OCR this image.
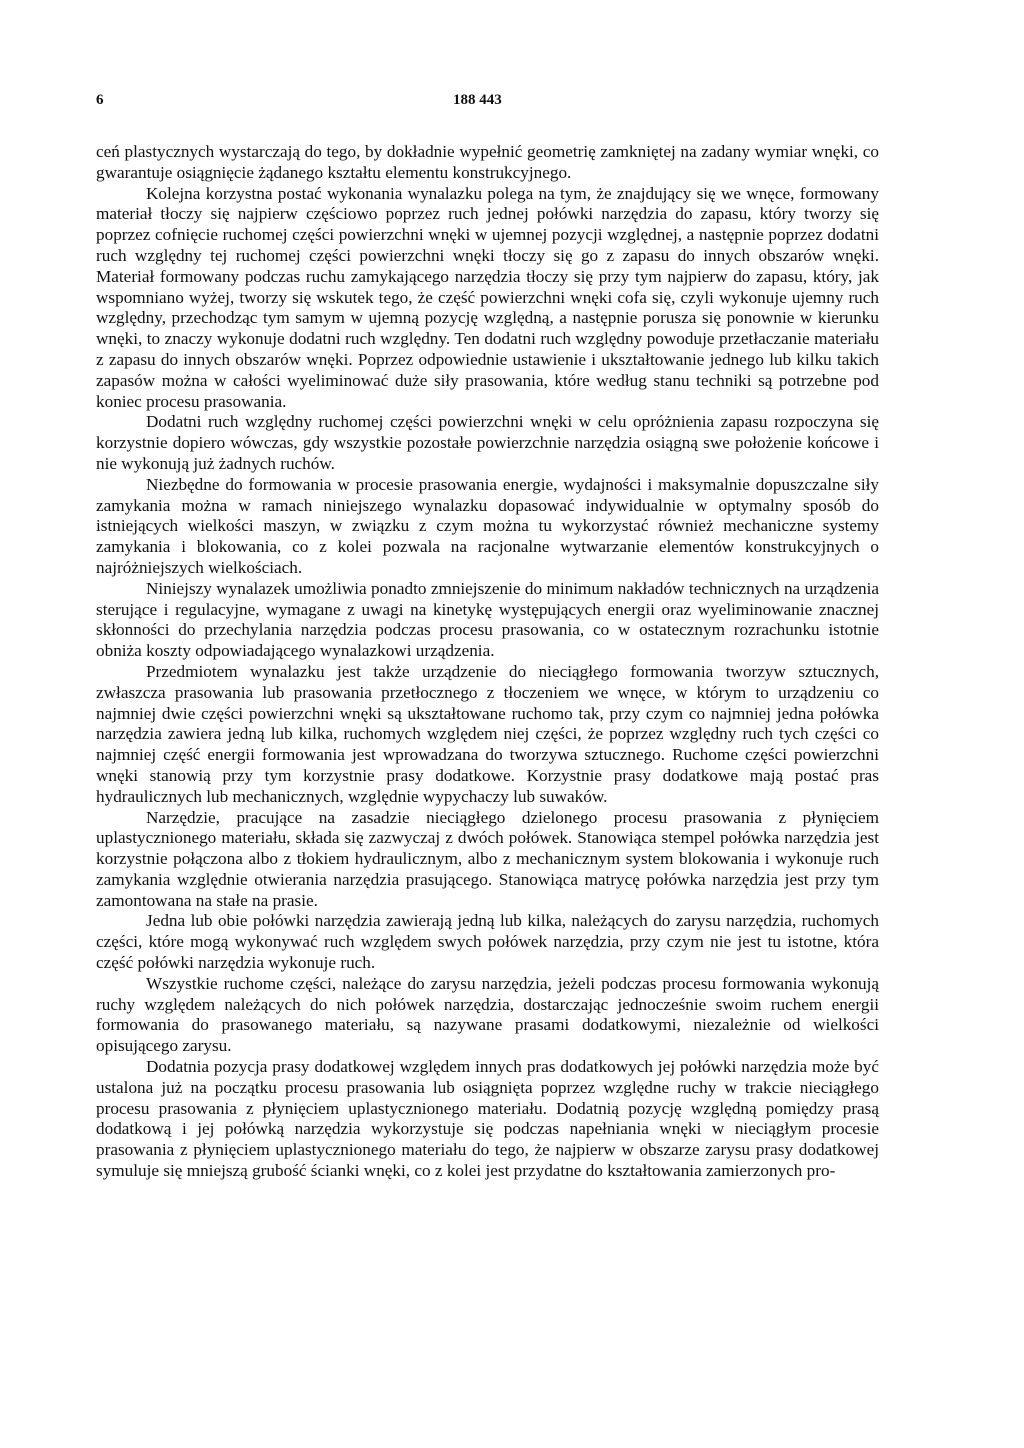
6	188 443

ceń plastycznych wystarczają do tego, by dokładnie wypełnić geometrię zamkniętej na zadany wymiar wnęki, co gwarantuje osiągnięcie żądanego kształtu elementu konstrukcyjnego.

Kolejna korzystna postać wykonania wynalazku polega na tym, że znajdujący się we wnęce, formowany materiał tłoczy się najpierw częściowo poprzez ruch jednej połówki narzędzia do zapasu, który tworzy się poprzez cofnięcie ruchomej części powierzchni wnęki w ujemnej pozycji względnej, a następnie poprzez dodatni ruch względny tej ruchomej części powierzchni wnęki tłoczy się go z zapasu do innych obszarów wnęki. Materiał formowany podczas ruchu zamykającego narzędzia tłoczy się przy tym najpierw do zapasu, który, jak wspomniano wyżej, tworzy się wskutek tego, że część powierzchni wnęki cofa się, czyli wykonuje ujemny ruch względny, przechodząc tym samym w ujemną pozycję względną, a następnie porusza się ponownie w kierunku wnęki, to znaczy wykonuje dodatni ruch względny. Ten dodatni ruch względny powoduje przetłaczanie materiału z zapasu do innych obszarów wnęki. Poprzez odpowiednie ustawienie i ukształtowanie jednego lub kilku takich zapasów można w całości wyeliminować duże siły prasowania, które według stanu techniki są potrzebne pod koniec procesu prasowania.

Dodatni ruch względny ruchomej części powierzchni wnęki w celu opróżnienia zapasu rozpoczyna się korzystnie dopiero wówczas, gdy wszystkie pozostałe powierzchnie narzędzia osiągną swe położenie końcowe i nie wykonują już żadnych ruchów.

Niezbędne do formowania w procesie prasowania energie, wydajności i maksymalnie dopuszczalne siły zamykania można w ramach niniejszego wynalazku dopasować indywidualnie w optymalny sposób do istniejących wielkości maszyn, w związku z czym można tu wykorzystać również mechaniczne systemy zamykania i blokowania, co z kolei pozwala na racjonalne wytwarzanie elementów konstrukcyjnych o najróżniejszych wielkościach.

Niniejszy wynalazek umożliwia ponadto zmniejszenie do minimum nakładów technicznych na urządzenia sterujące i regulacyjne, wymagane z uwagi na kinetykę występujących energii oraz wyeliminowanie znacznej skłonności do przechylania narzędzia podczas procesu prasowania, co w ostatecznym rozrachunku istotnie obniża koszty odpowiadającego wynalazkowi urządzenia.

Przedmiotem wynalazku jest także urządzenie do nieciągłego formowania tworzyw sztucznych, zwłaszcza prasowania lub prasowania przetłocznego z tłoczeniem we wnęce, w którym to urządzeniu co najmniej dwie części powierzchni wnęki są ukształtowane ruchomo tak, przy czym co najmniej jedna połówka narzędzia zawiera jedną lub kilka, ruchomych względem niej części, że poprzez względny ruch tych części co najmniej część energii formowania jest wprowadzana do tworzywa sztucznego. Ruchome części powierzchni wnęki stanowią przy tym korzystnie prasy dodatkowe. Korzystnie prasy dodatkowe mają postać pras hydraulicznych lub mechanicznych, względnie wypychaczy lub suwaków.

Narzędzie, pracujące na zasadzie nieciągłego dzielonego procesu prasowania z płynięciem uplastycznionego materiału, składa się zazwyczaj z dwóch połówek. Stanowiąca stempel połówka narzędzia jest korzystnie połączona albo z tłokiem hydraulicznym, albo z mechanicznym system blokowania i wykonuje ruch zamykania względnie otwierania narzędzia prasującego. Stanowiąca matrycę połówka narzędzia jest przy tym zamontowana na stałe na prasie.

Jedna lub obie połówki narzędzia zawierają jedną lub kilka, należących do zarysu narzędzia, ruchomych części, które mogą wykonywać ruch względem swych połówek narzędzia, przy czym nie jest tu istotne, która część połówki narzędzia wykonuje ruch.

Wszystkie ruchome części, należące do zarysu narzędzia, jeżeli podczas procesu formowania wykonują ruchy względem należących do nich połówek narzędzia, dostarczając jednocześnie swoim ruchem energii formowania do prasowanego materiału, są nazywane prasami dodatkowymi, niezależnie od wielkości opisującego zarysu.

Dodatnia pozycja prasy dodatkowej względem innych pras dodatkowych jej połówki narzędzia może być ustalona już na początku procesu prasowania lub osiągnięta poprzez względne ruchy w trakcie nieciągłego procesu prasowania z płynięciem uplastycznionego materiału. Dodatnią pozycję względną pomiędzy prasą dodatkową i jej połówką narzędzia wykorzystuje się podczas napełniania wnęki w nieciągłym procesie prasowania z płynięciem uplastycznionego materiału do tego, że najpierw w obszarze zarysu prasy dodatkowej symuluje się mniejszą grubość ścianki wnęki, co z kolei jest przydatne do kształtowania zamierzonych pro-
